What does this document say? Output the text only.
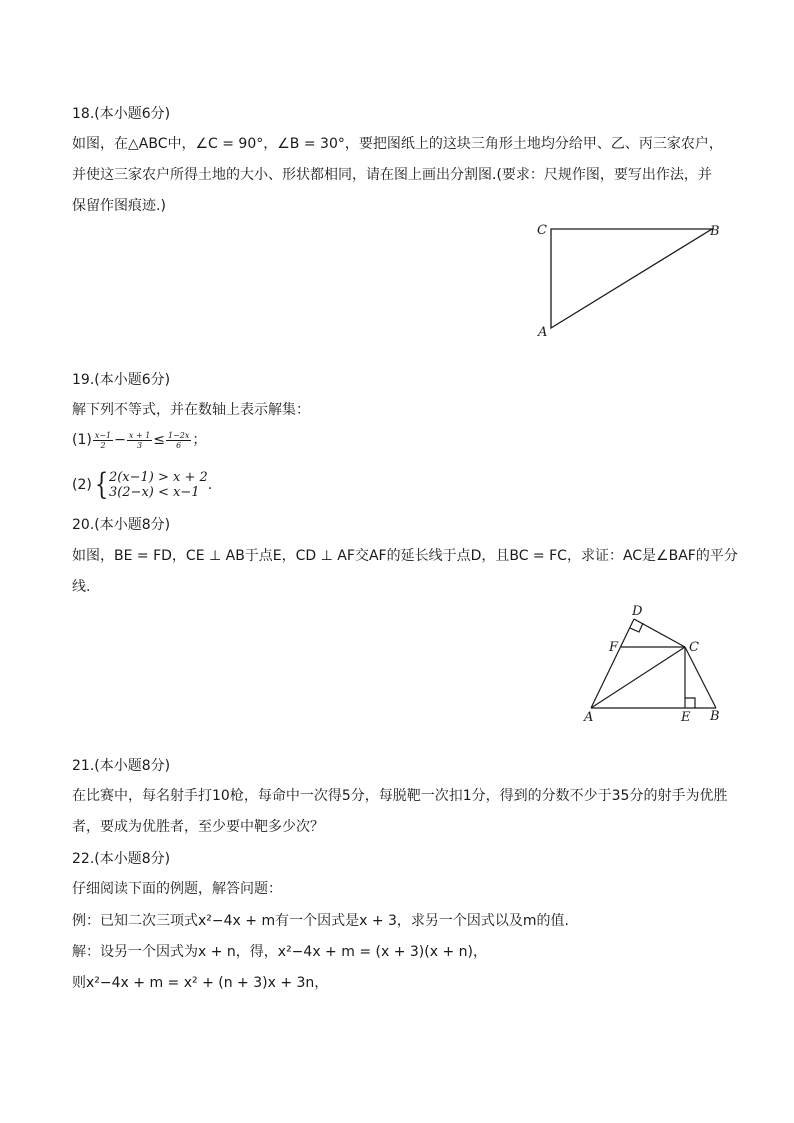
18.(本小题6分)
如图，在△ABC中，∠C = 90°，∠B = 30°，要把图纸上的这块三角形土地均分给甲、乙、丙三家农户，
并使这三家农户所得土地的大小、形状都相同，请在图上画出分割图.(要求：尺规作图，要写出作法，并
保留作图痕迹.)
C	B
A
19.(本小题6分)
解下列不等式，并在数轴上表示解集：
$(1) \frac{x-1}{2} - \frac{x + 1}{3} \le \frac{1-2x}{6}$ ；
(2){ 2(x−1) > x + 2
3(2−x) < x−1 .
20.(本小题8分)
如图，BE = FD，CE ⊥ AB于点E，CD ⊥ AF交AF的延长线于点D，且BC = FC，求证：AC是∠BAF的平分
线.
D
F	C
A	E B
21.(本小题8分)
在比赛中，每名射手打10枪，每命中一次得5分，每脱靶一次扣1分，得到的分数不少于35分的射手为优胜
者，要成为优胜者，至少要中靶多少次？
22.(本小题8分)
仔细阅读下面的例题，解答问题：
例：已知二次三项式x²−4x + m有一个因式是x + 3，求另一个因式以及m的值.
解：设另一个因式为x + n，得，x²−4x + m = (x + 3)(x + n)，
则x²−4x + m = x² + (n + 3)x + 3n，
